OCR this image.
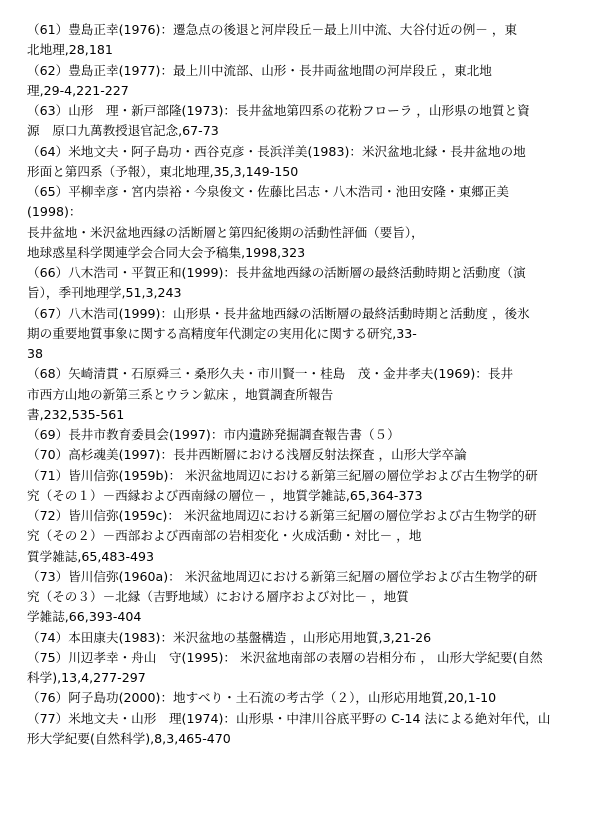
（61）豊島正幸(1976)：遷急点の後退と河岸段丘－最上川中流、大谷付近の例－ ，東
北地理,28,181
（62）豊島正幸(1977)：最上川中流部、山形・長井両盆地間の河岸段丘 ，東北地
理,29-4,221-227
（63）山形　理・新戸部隆(1973)：長井盆地第四系の花粉フローラ ，山形県の地質と資
源　原口九萬教授退官記念,67-73
（64）米地文夫・阿子島功・西谷克彦・長浜洋美(1983)：米沢盆地北縁・長井盆地の地
形面と第四系（予報），東北地理,35,3,149-150
（65）平柳幸彦・宮内崇裕・今泉俊文・佐藤比呂志・八木浩司・池田安隆・東郷正美
(1998)：
長井盆地・米沢盆地西縁の活断層と第四紀後期の活動性評価（要旨），
地球惑星科学関連学会合同大会予稿集,1998,323
（66）八木浩司・平賀正和(1999)：長井盆地西縁の活断層の最終活動時期と活動度（演
旨），季刊地理学,51,3,243
（67）八木浩司(1999)：山形県・長井盆地西縁の活断層の最終活動時期と活動度 ，後氷
期の重要地質事象に関する高精度年代測定の実用化に関する研究,33-
38
（68）矢崎清貫・石原舜三・桑形久夫・市川賢一・桂島　茂・金井孝夫(1969)：長井
市西方山地の新第三系とウラン鉱床 ，地質調査所報告
書,232,535-561
（69）長井市教育委員会(1997)：市内遺跡発掘調査報告書（５）
（70）高杉魂美(1997)：長井西断層における浅層反射法探査 ，山形大学卒論
（71）皆川信弥(1959b)： 米沢盆地周辺における新第三紀層の層位学および古生物学的研
究（その１）－西縁および西南縁の層位－ ，地質学雑誌,65,364-373
（72）皆川信弥(1959c)： 米沢盆地周辺における新第三紀層の層位学および古生物学的研
究（その２）－西部および西南部の岩相変化・火成活動・対比－ ，地
質学雑誌,65,483-493
（73）皆川信弥(1960a)： 米沢盆地周辺における新第三紀層の層位学および古生物学的研
究（その３）－北縁（吉野地域）における層序および対比－ ，地質
学雑誌,66,393-404
（74）本田康夫(1983)：米沢盆地の基盤構造 ，山形応用地質,3,21-26
（75）川辺孝幸・舟山　守(1995)： 米沢盆地南部の表層の岩相分布 ， 山形大学紀要(自然
科学),13,4,277-297
（76）阿子島功(2000)：地すべり・土石流の考古学（２），山形応用地質,20,1-10
（77）米地文夫・山形　理(1974)：山形県・中津川谷底平野の C-14 法による絶対年代，山
形大学紀要(自然科学),8,3,465-470
